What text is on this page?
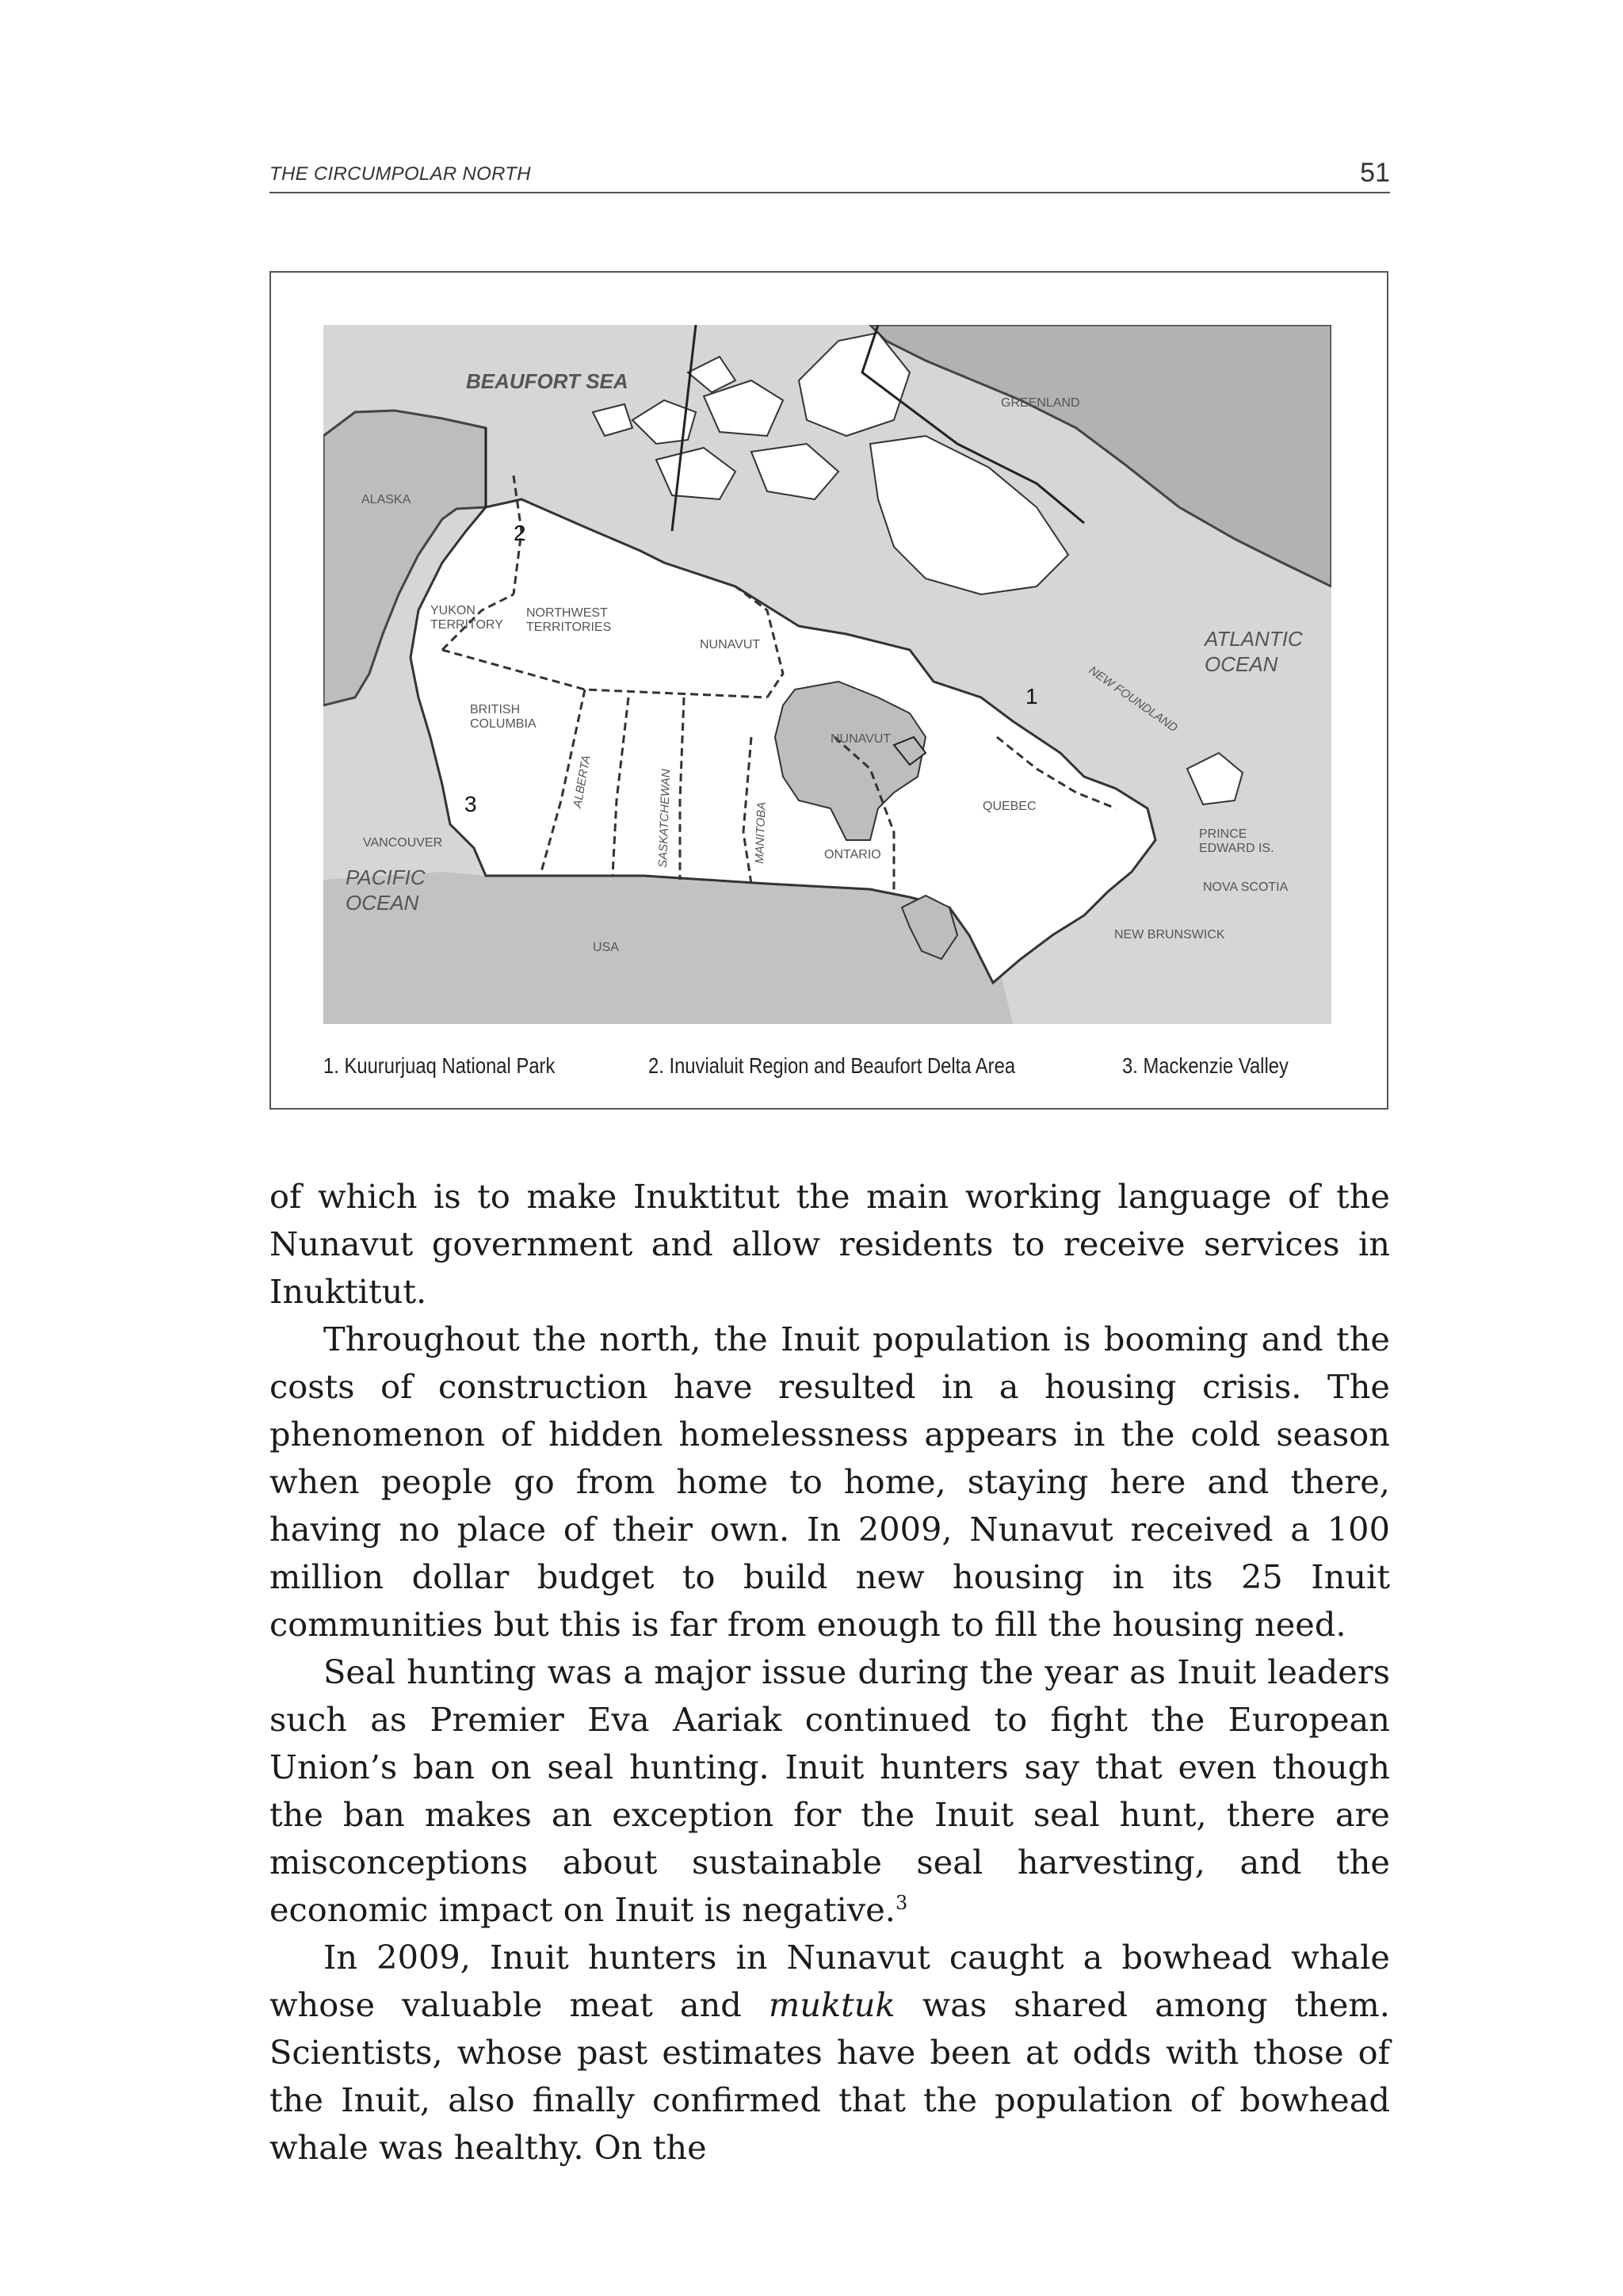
THE CIRCUMPOLAR NORTH	51
BEAUFORT SEA
GREENLAND
ALASKA
YUKON TERRITORY
NORTHWEST TERRITORIES
NUNAVUT
NUNAVUT
ATLANTIC OCEAN
NEW FOUNDLAND
BRITISH COLUMBIA
ALBERTA	SASKATCHEWAN	MANITOBA	ONTARIO
QUEBEC
PRINCE EDWARD IS.
NOVA SCOTIA
NEW BRUNSWICK
VANCOUVER
PACIFIC OCEAN
USA
1
2
3
1. Kuururjuaq National Park	2. Inuvialuit Region and Beaufort Delta Area	3. Mackenzie Valley

of which is to make Inuktitut the main working language of the Nunavut government and allow residents to receive services in Inuktitut.

Throughout the north, the Inuit population is booming and the costs of construction have resulted in a housing crisis. The phenomenon of hidden homelessness appears in the cold season when people go from home to home, staying here and there, having no place of their own. In 2009, Nunavut received a 100 million dollar budget to build new housing in its 25 Inuit communities but this is far from enough to fill the housing need.

Seal hunting was a major issue during the year as Inuit leaders such as Premier Eva Aariak continued to fight the European Union’s ban on seal hunting. Inuit hunters say that even though the ban makes an exception for the Inuit seal hunt, there are misconceptions about sustainable seal harvesting, and the economic impact on Inuit is negative.$^3$

In 2009, Inuit hunters in Nunavut caught a bowhead whale whose valuable meat and muktuk was shared among them. Scientists, whose past estimates have been at odds with those of the Inuit, also finally confirmed that the population of bowhead whale was healthy. On the
